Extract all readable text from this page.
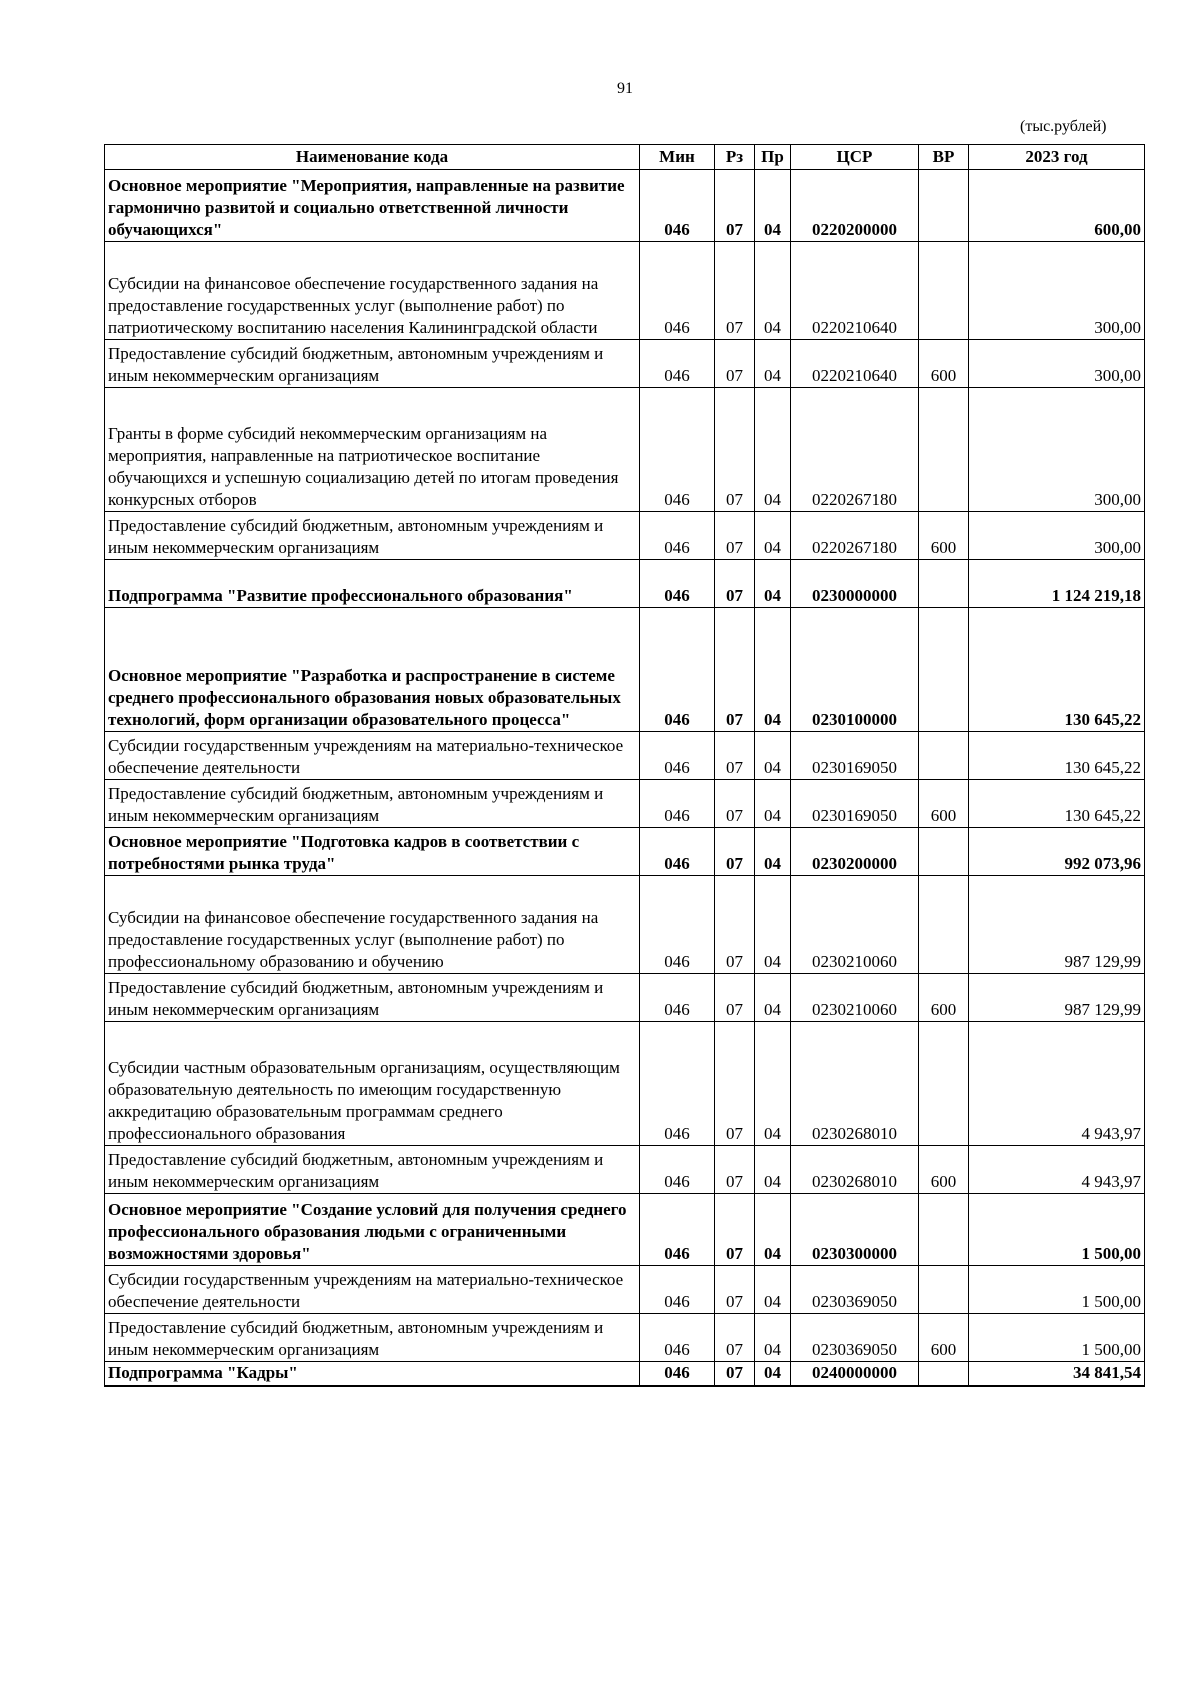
91
(тыс.рублей)
Наименование кода	Мин	Рз	Пр	ЦСР	ВР	2023 год
Основное мероприятие "Мероприятия, направленные на развитие гармонично развитой и социально ответственной личности обучающихся"	046	07	04	0220200000		600,00
Субсидии на финансовое обеспечение государственного задания на предоставление государственных услуг (выполнение работ) по патриотическому воспитанию населения Калининградской области	046	07	04	0220210640		300,00
Предоставление субсидий бюджетным, автономным учреждениям и иным некоммерческим организациям	046	07	04	0220210640	600	300,00
Гранты в форме субсидий некоммерческим организациям на мероприятия, направленные на патриотическое воспитание обучающихся и успешную социализацию детей по итогам проведения конкурсных отборов	046	07	04	0220267180		300,00
Предоставление субсидий бюджетным, автономным учреждениям и иным некоммерческим организациям	046	07	04	0220267180	600	300,00
Подпрограмма "Развитие профессионального образования"	046	07	04	0230000000		1 124 219,18
Основное мероприятие "Разработка и распространение в системе среднего профессионального образования новых образовательных технологий, форм организации образовательного процесса"	046	07	04	0230100000		130 645,22
Субсидии государственным учреждениям на материально-техническое обеспечение деятельности	046	07	04	0230169050		130 645,22
Предоставление субсидий бюджетным, автономным учреждениям и иным некоммерческим организациям	046	07	04	0230169050	600	130 645,22
Основное мероприятие "Подготовка кадров в соответствии с потребностями рынка труда"	046	07	04	0230200000		992 073,96
Субсидии на финансовое обеспечение государственного задания на предоставление государственных услуг (выполнение работ) по профессиональному образованию и обучению	046	07	04	0230210060		987 129,99
Предоставление субсидий бюджетным, автономным учреждениям и иным некоммерческим организациям	046	07	04	0230210060	600	987 129,99
Субсидии частным образовательным организациям, осуществляющим образовательную деятельность по имеющим государственную аккредитацию образовательным программам среднего профессионального образования	046	07	04	0230268010		4 943,97
Предоставление субсидий бюджетным, автономным учреждениям и иным некоммерческим организациям	046	07	04	0230268010	600	4 943,97
Основное мероприятие "Создание условий для получения среднего профессионального образования людьми с ограниченными возможностями здоровья"	046	07	04	0230300000		1 500,00
Субсидии государственным учреждениям на материально-техническое обеспечение деятельности	046	07	04	0230369050		1 500,00
Предоставление субсидий бюджетным, автономным учреждениям и иным некоммерческим организациям	046	07	04	0230369050	600	1 500,00
Подпрограмма "Кадры"	046	07	04	0240000000		34 841,54
